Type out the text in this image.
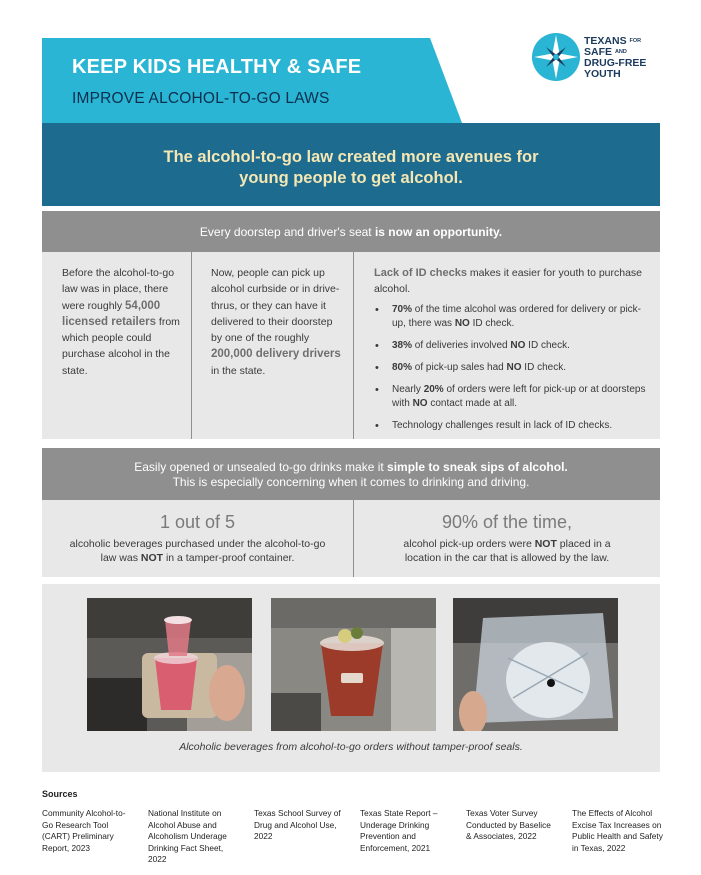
KEEP KIDS HEALTHY & SAFE
IMPROVE ALCOHOL-TO-GO LAWS
TEXANS $^{FOR}$
SAFE $^{AND}$
DRUG-FREE
YOUTH
The alcohol-to-go law created more avenues for
young people to get alcohol.
Every doorstep and driver's seat is now an opportunity.
Before the alcohol-to-go law was in place, there were roughly 54,000 licensed retailers from which people could purchase alcohol in the state.
Now, people can pick up alcohol curbside or in drive-thrus, or they can have it delivered to their doorstep by one of the roughly 200,000 delivery drivers in the state.
Lack of ID checks makes it easier for youth to purchase alcohol.
• 70% of the time alcohol was ordered for delivery or pick-up, there was NO ID check.
• 38% of deliveries involved NO ID check.
• 80% of pick-up sales had NO ID check.
• Nearly 20% of orders were left for pick-up or at doorsteps with NO contact made at all.
• Technology challenges result in lack of ID checks.
Easily opened or unsealed to-go drinks make it simple to sneak sips of alcohol.
This is especially concerning when it comes to drinking and driving.
1 out of 5
alcoholic beverages purchased under the alcohol-to-go
law was NOT in a tamper-proof container.
90% of the time,
alcohol pick-up orders were NOT placed in a
location in the car that is allowed by the law.
Alcoholic beverages from alcohol-to-go orders without tamper-proof seals.
Sources
Community Alcohol-to-Go Research Tool (CART) Preliminary Report, 2023
National Institute on Alcohol Abuse and Alcoholism Underage Drinking Fact Sheet, 2022
Texas School Survey of Drug and Alcohol Use, 2022
Texas State Report – Underage Drinking Prevention and Enforcement, 2021
Texas Voter Survey Conducted by Baselice & Associates, 2022
The Effects of Alcohol Excise Tax Increases on Public Health and Safety in Texas, 2022
